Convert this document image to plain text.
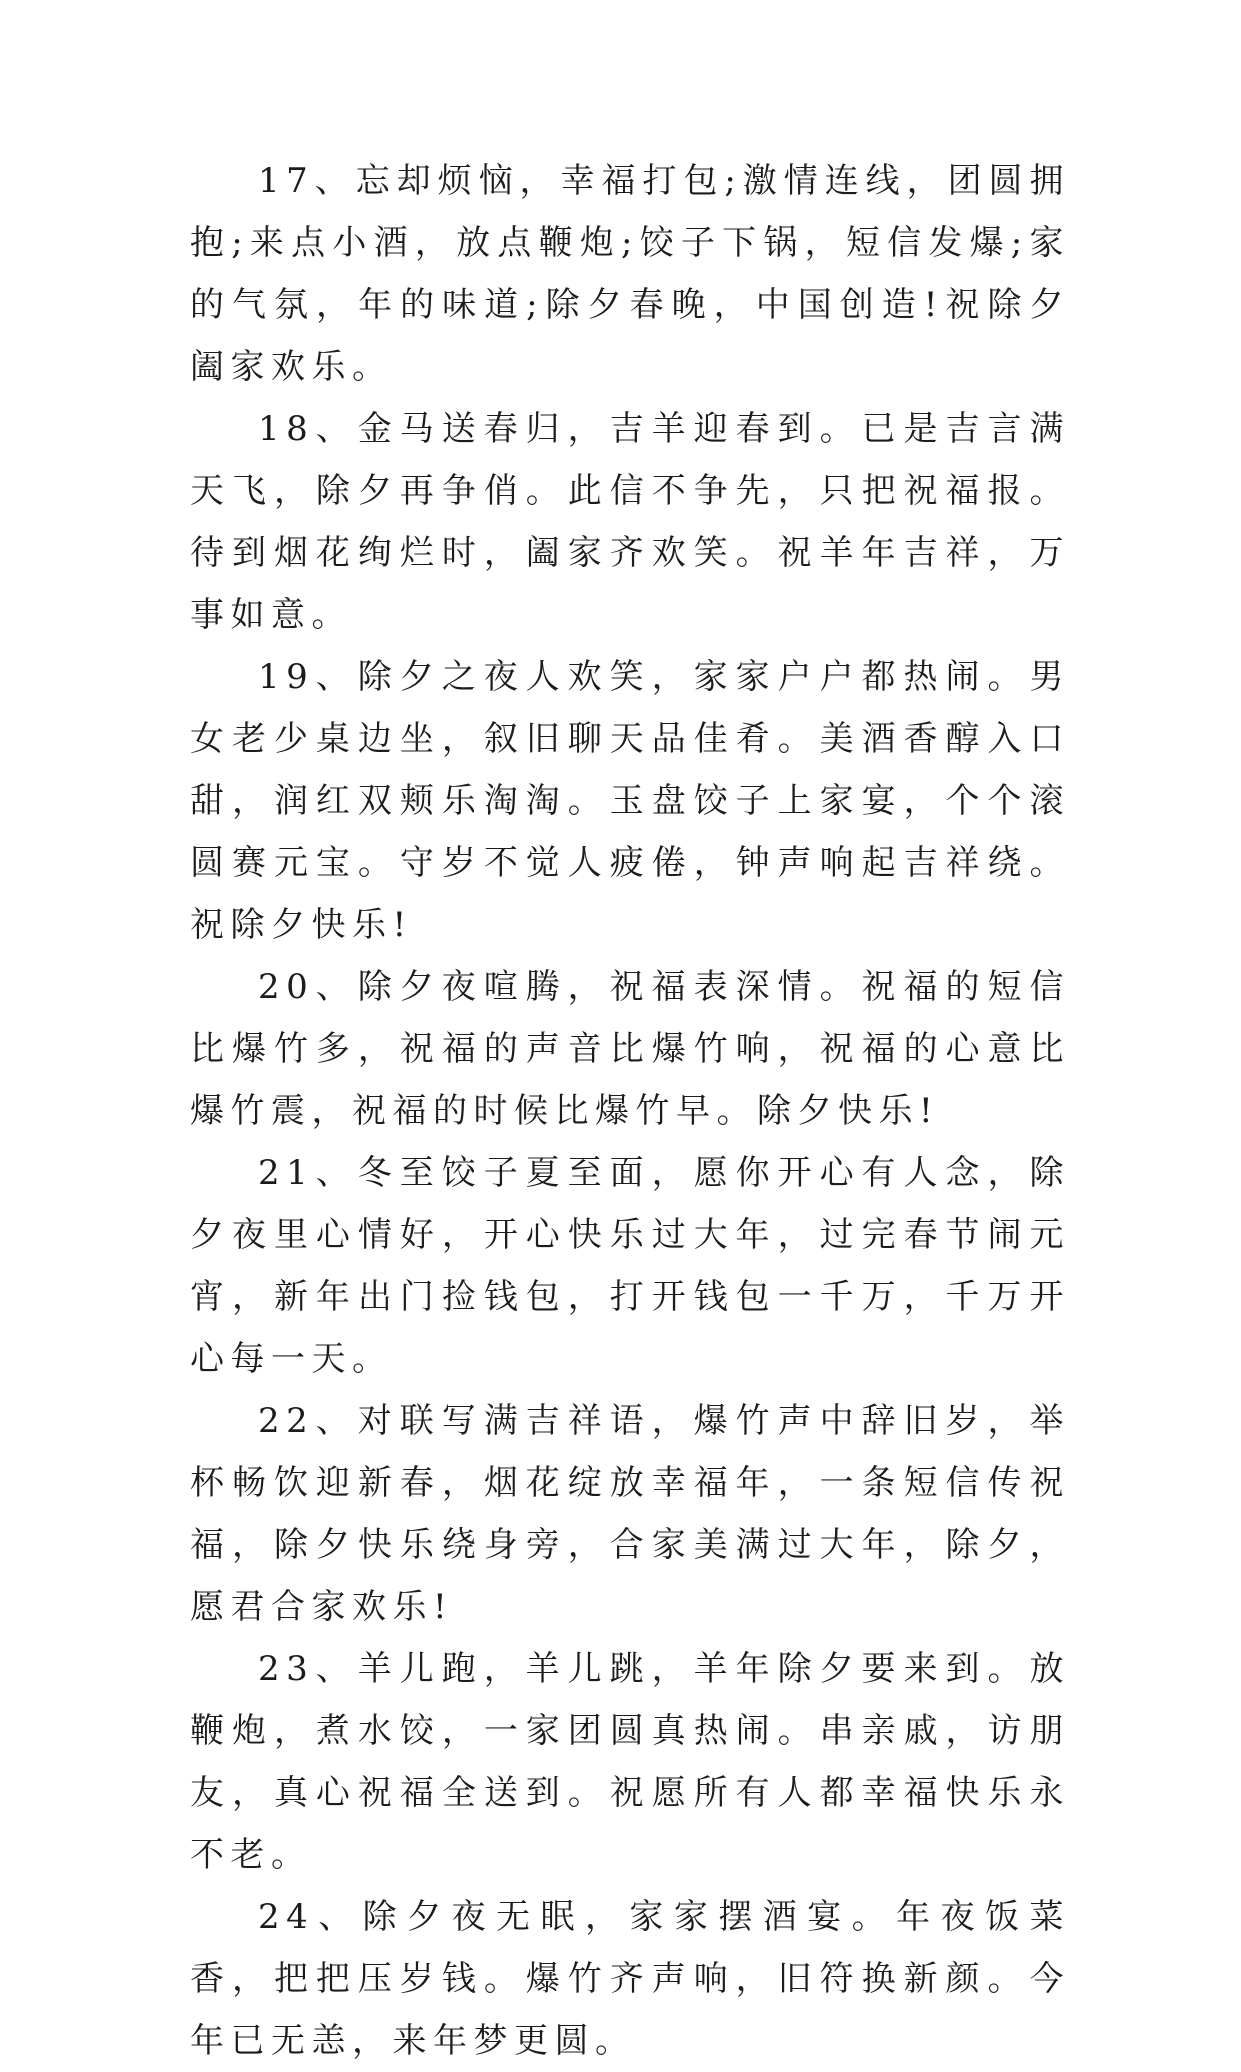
17、忘却烦恼，幸福打包;激情连线，团圆拥抱;来点小酒，放点鞭炮;饺子下锅，短信发爆;家的气氛，年的味道;除夕春晚，中国创造!祝除夕阖家欢乐。

18、金马送春归，吉羊迎春到。已是吉言满天飞，除夕再争俏。此信不争先，只把祝福报。待到烟花绚烂时，阖家齐欢笑。祝羊年吉祥，万事如意。

19、除夕之夜人欢笑，家家户户都热闹。男女老少桌边坐，叙旧聊天品佳肴。美酒香醇入口甜，润红双颊乐淘淘。玉盘饺子上家宴，个个滚圆赛元宝。守岁不觉人疲倦，钟声响起吉祥绕。祝除夕快乐!

20、除夕夜喧腾，祝福表深情。祝福的短信比爆竹多，祝福的声音比爆竹响，祝福的心意比爆竹震，祝福的时候比爆竹早。除夕快乐!

21、冬至饺子夏至面，愿你开心有人念，除夕夜里心情好，开心快乐过大年，过完春节闹元宵，新年出门捡钱包，打开钱包一千万，千万开心每一天。

22、对联写满吉祥语，爆竹声中辞旧岁，举杯畅饮迎新春，烟花绽放幸福年，一条短信传祝福，除夕快乐绕身旁，合家美满过大年，除夕，愿君合家欢乐!

23、羊儿跑，羊儿跳，羊年除夕要来到。放鞭炮，煮水饺，一家团圆真热闹。串亲戚，访朋友，真心祝福全送到。祝愿所有人都幸福快乐永不老。

24、除夕夜无眠，家家摆酒宴。年夜饭菜香，把把压岁钱。爆竹齐声响，旧符换新颜。今年已无恙，来年梦更圆。
